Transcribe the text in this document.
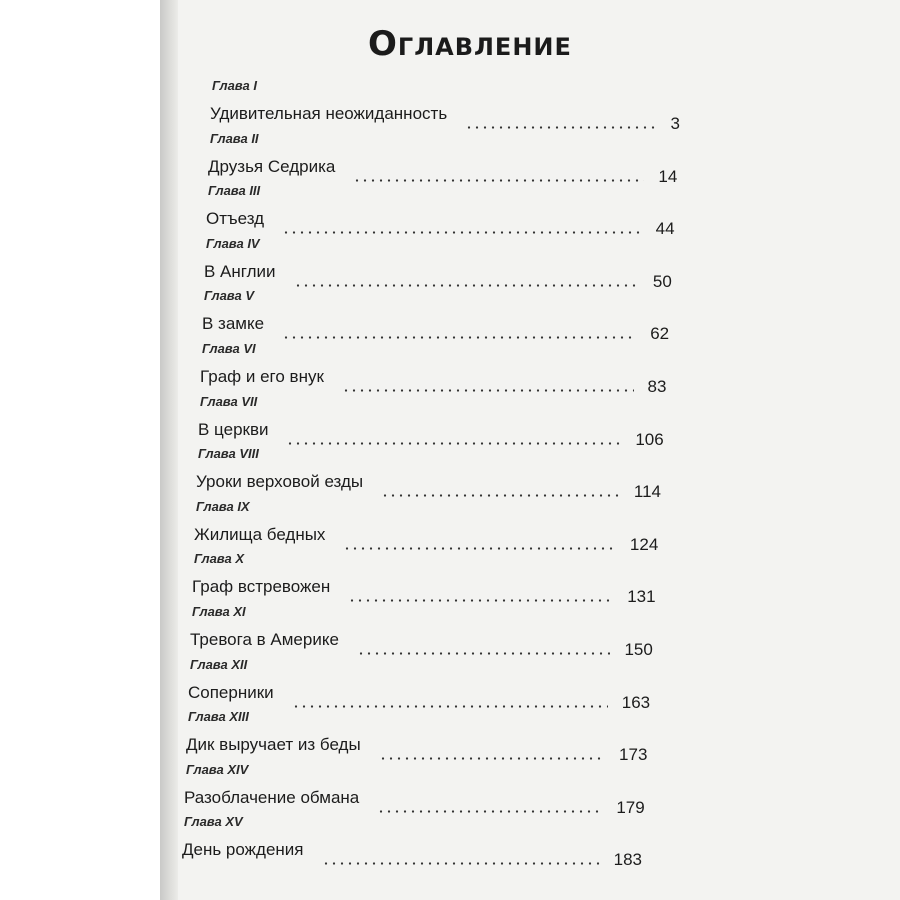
Оглавление
Глава I
Удивительная неожиданность
3
Глава II
Друзья Седрика
14
Глава III
Отъезд
44
Глава IV
В Англии
50
Глава V
В замке
62
Глава VI
Граф и его внук
83
Глава VII
В церкви
106
Глава VIII
Уроки верховой езды
114
Глава IX
Жилища бедных
124
Глава X
Граф встревожен
131
Глава XI
Тревога в Америке
150
Глава XII
Соперники
163
Глава XIII
Дик выручает из беды
173
Глава XIV
Разоблачение обмана
179
Глава XV
День рождения
183
